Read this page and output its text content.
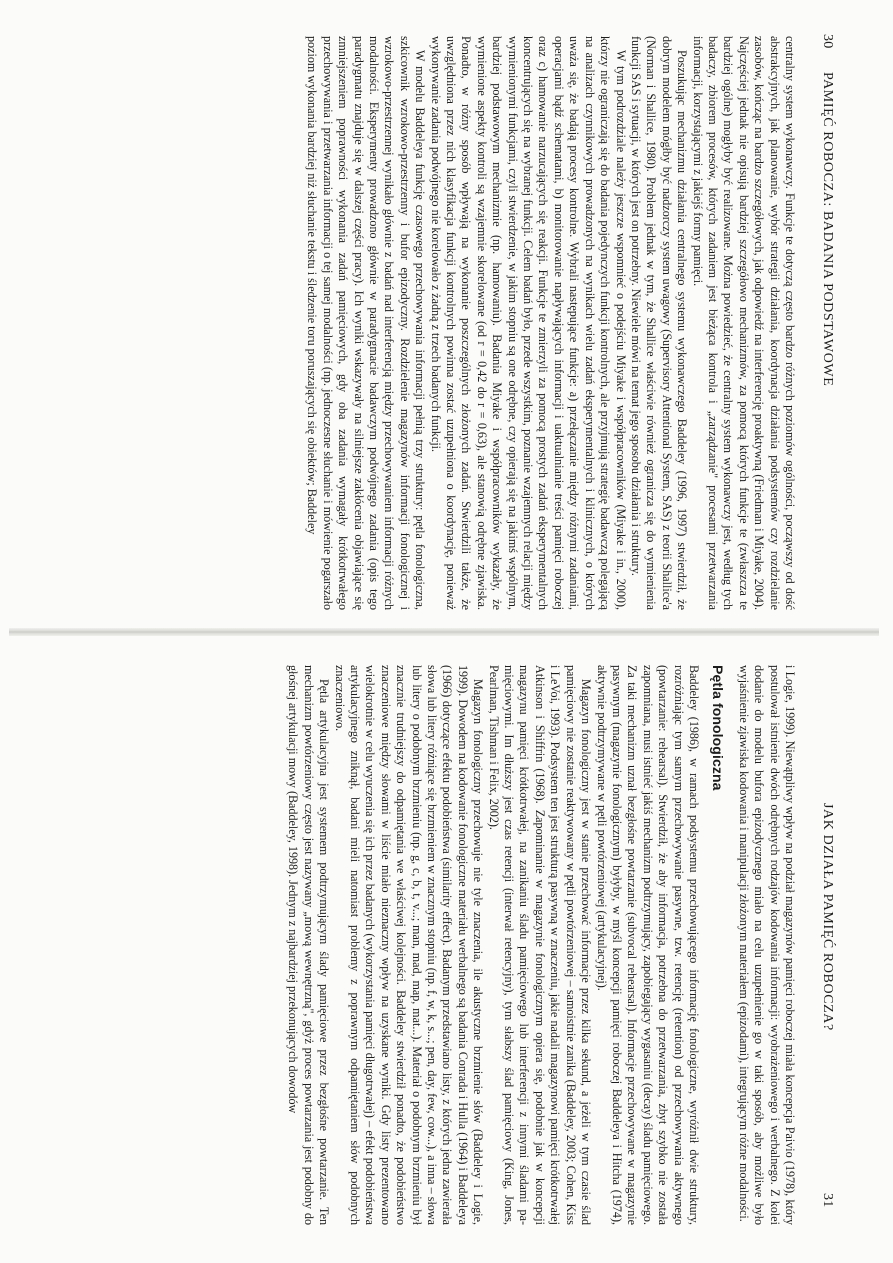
30
PAMIĘĆ ROBOCZA: BADANIA PODSTAWOWE

centralny system wykonawczy. Funkcje te dotyczą często bardzo różnych poziomów ogólności, począwszy od dość abstrakcyjnych, jak planowanie, wybór strategii działania, koordynacja działania podsystemów czy rozdzielanie zasobów, kończąc na bardzo szczegółowych, jak odpowiedź na interferencję proaktywną (Friedman i Miyake, 2004). Najczęściej jednak nie opisują bardziej szczegółowo mechanizmów, za pomocą których funkcje te (zwłaszcza te bardziej ogólne) mogłyby być realizowane. Można powiedzieć, że centralny system wykonawczy jest, według tych badaczy, zbiorem procesów, których zadaniem jest bieżąca kontrola i „zarządzanie" procesami przetwarzania informacji, korzystającymi z jakiejś formy pamięci.

Poszukując mechanizmu działania centralnego systemu wykonawczego Baddeley (1996, 1997) stwierdził, że dobrym modelem mógłby być nadzorczy system uwagowy (Supervisory Attentional System, SAS) z teorii Shallice'a (Norman i Shallice, 1980). Problem jednak w tym, że Shallice właściwie również ogranicza się do wymienienia funkcji SAS i sytuacji, w których jest on potrzebny. Niewiele mówi na temat jego sposobu działania i struktury.

W tym podrozdziale należy jeszcze wspomnieć o podejściu Miyake i współpracowników (Miyake i in., 2000), którzy nie ograniczają się do badania pojedynczych funkcji kontrolnych, ale przyjmują strategię badawczą polegającą na analizach czynnikowych prowadzonych na wynikach wielu zadań eksperymentalnych i klinicznych, o których uważa się, że badają procesy kontrolne. Wybrali następujące funkcje: a) przełączanie między różnymi zadaniami, operacjami bądź schematami, b) monitorowanie napływających informacji i uaktualnianie treści pamięci roboczej oraz c) hamowanie narzucających się reakcji. Funkcje te zmierzyli za pomocą prostych zadań eksperymentalnych koncentrujących się na wybranej funkcji. Celem badań było, przede wszystkim, poznanie wzajemnych relacji między wymienionymi funkcjami, czyli stwierdzenie, w jakim stopniu są one odrębne, czy opierają się na jakimś wspólnym, bardziej podstawowym mechanizmie (np. hamowaniu). Badania Miyake i współpracowników wykazały, że wymienione aspekty kontroli są wzajemnie skorelowane (od r = 0,42 do r = 0,63), ale stanowią odrębne zjawiska. Ponadto, w różny sposób wpływają na wykonanie poszczególnych złożonych zadań. Stwierdzili także, że uwzględniona przez nich klasyfikacja funkcji kontrolnych powinna zostać uzupełniona o koordynację, ponieważ wykonywanie zadania podwójnego nie korelowało z żadną z trzech badanych funkcji.

W modelu Baddeleya funkcję czasowego przechowywania informacji pełnią trzy struktury: pętla fonologiczna, szkicownik wzrokowo-przestrzenny i bufor epizodyczny. Rozdzielenie magazynów informacji fonologicznej i wzrokowo-przestrzennej wynikało głównie z badań nad interferencją między przechowywaniem informacji różnych modalności. Eksperymenty prowadzono głównie w paradygmacie badawczym podwójnego zadania (opis tego paradygmatu znajduje się w dalszej części pracy). Ich wyniki wskazywały na silniejsze zakłócenia objawiające się zmniejszeniem poprawności wykonania zadań pamięciowych, gdy oba zadania wymagały krótkotrwałego przechowywania i przetwarzania informacji o tej samej modalności (np. jednoczesne słuchanie i mówienie pogarszało poziom wykonania bardziej niż słuchanie tekstu i śledzenie toru poruszających się obiektów; Baddeley

JAK DZIAŁA PAMIĘĆ ROBOCZA?
31

i Logie, 1999). Niewątpliwy wpływ na podział magazynów pamięci roboczej miała koncepcja Paivio (1978), który postulował istnienie dwóch odrębnych rodzajów kodowania informacji: wyobrażeniowego i werbalnego. Z kolei dodanie do modelu bufora epizodycznego miało na celu uzupełnienie go w taki sposób, aby możliwe było wyjaśnienie zjawiska kodowania i manipulacji złożonym materiałem (epizodami), integrującym różne modalności.

Pętla fonologiczna

Baddeley (1986), w ramach podsystemu przechowującego informację fonologiczne, wyróżnił dwie struktury, rozróżniając tym samym przechowywanie pasywne, tzw. retencję (retention) od przechowywania aktywnego (powtarzanie: rehearsal). Stwierdził, że aby informacja, potrzebna do przetwarzania, zbyt szybko nie została zapomniana, musi istnieć jakiś mechanizm podtrzymujący, zapobiegający wygasaniu (decay) śladu pamięciowego. Za taki mechanizm uznał bezgłośne powtarzanie (subvocal rehearsal). Informacje przechowywane w magazynie pasywnym (magazynie fonologicznym) byłyby, w myśl koncepcji pamięci roboczej Baddeleya i Hitcha (1974), aktywnie podtrzymywane w pętli powtórzeniowej (artykulacyjnej).

Magazyn fonologiczny jest w stanie przechować informacje przez kilka sekund, a jeżeli w tym czasie ślad pamięciowy nie zostanie reaktywowany w pętli powtórzeniowej – samoistnie zanika (Baddeley, 2003; Cohen, Kiss i LeVoi, 1993). Podsystem ten jest strukturą pasywną w znaczeniu, jakie nadali magazynowi pamięci krótkotrwałej Atkinson i Shiffrin (1968). Zapominanie w magazynie fonologicznym opiera się, podobnie jak w koncepcji magazynu pamięci krótkotrwałej, na zanikaniu śladu pamięciowego lub interferencji z innymi śladami pamięciowymi. Im dłuższy jest czas retencji (interwał retencyjny), tym słabszy ślad pamięciowy (King, Jones, Pearlman, Tishman i Felix, 2002).

Magazyn fonologiczny przechowuje nie tyle znaczenia, ile akustyczne brzmienie słów (Baddeley i Logie, 1999). Dowodem na kodowanie fonologiczne materiału werbalnego są badania Conrada i Hulla (1964) i Baddeleya (1966) dotyczące efektu podobieństwa (similarity effect). Badanym przedstawiano listy, z których jedna zawierała słowa lub litery różniące się brzmieniem w znacznym stopniu (np. f, w, k, s...; pen, day, few, cow...), a inna – słowa lub litery o podobnym brzmieniu (np. g, c, b, t, v...; man, mad, map, mat...). Materiał o podobnym brzmieniu był znacznie trudniejszy do odpamiętania we właściwej kolejności. Baddeley stwierdził ponadto, że podobieństwo znaczeniowe między słowami w liście miało nieznaczny wpływ na uzyskane wyniki. Gdy listy prezentowano wielokrotnie w celu wyuczenia się ich przez badanych (wykorzystania pamięci długotrwałej) – efekt podobieństwa artykulacyjnego zniknął, badani mieli natomiast problemy z poprawnym odpamiętaniem słów podobnych znaczeniowo.

Pętla artykulacyjna jest systemem podtrzymującym ślady pamięciowe przez bezgłośne powtarzanie. Ten mechanizm powtórzeniowy często jest nazywany „mową wewnętrzną", gdyż proces powtarzania jest podobny do głośnej artykulacji mowy (Baddeley, 1998). Jednym z najbardziej przekonujących dowodów
